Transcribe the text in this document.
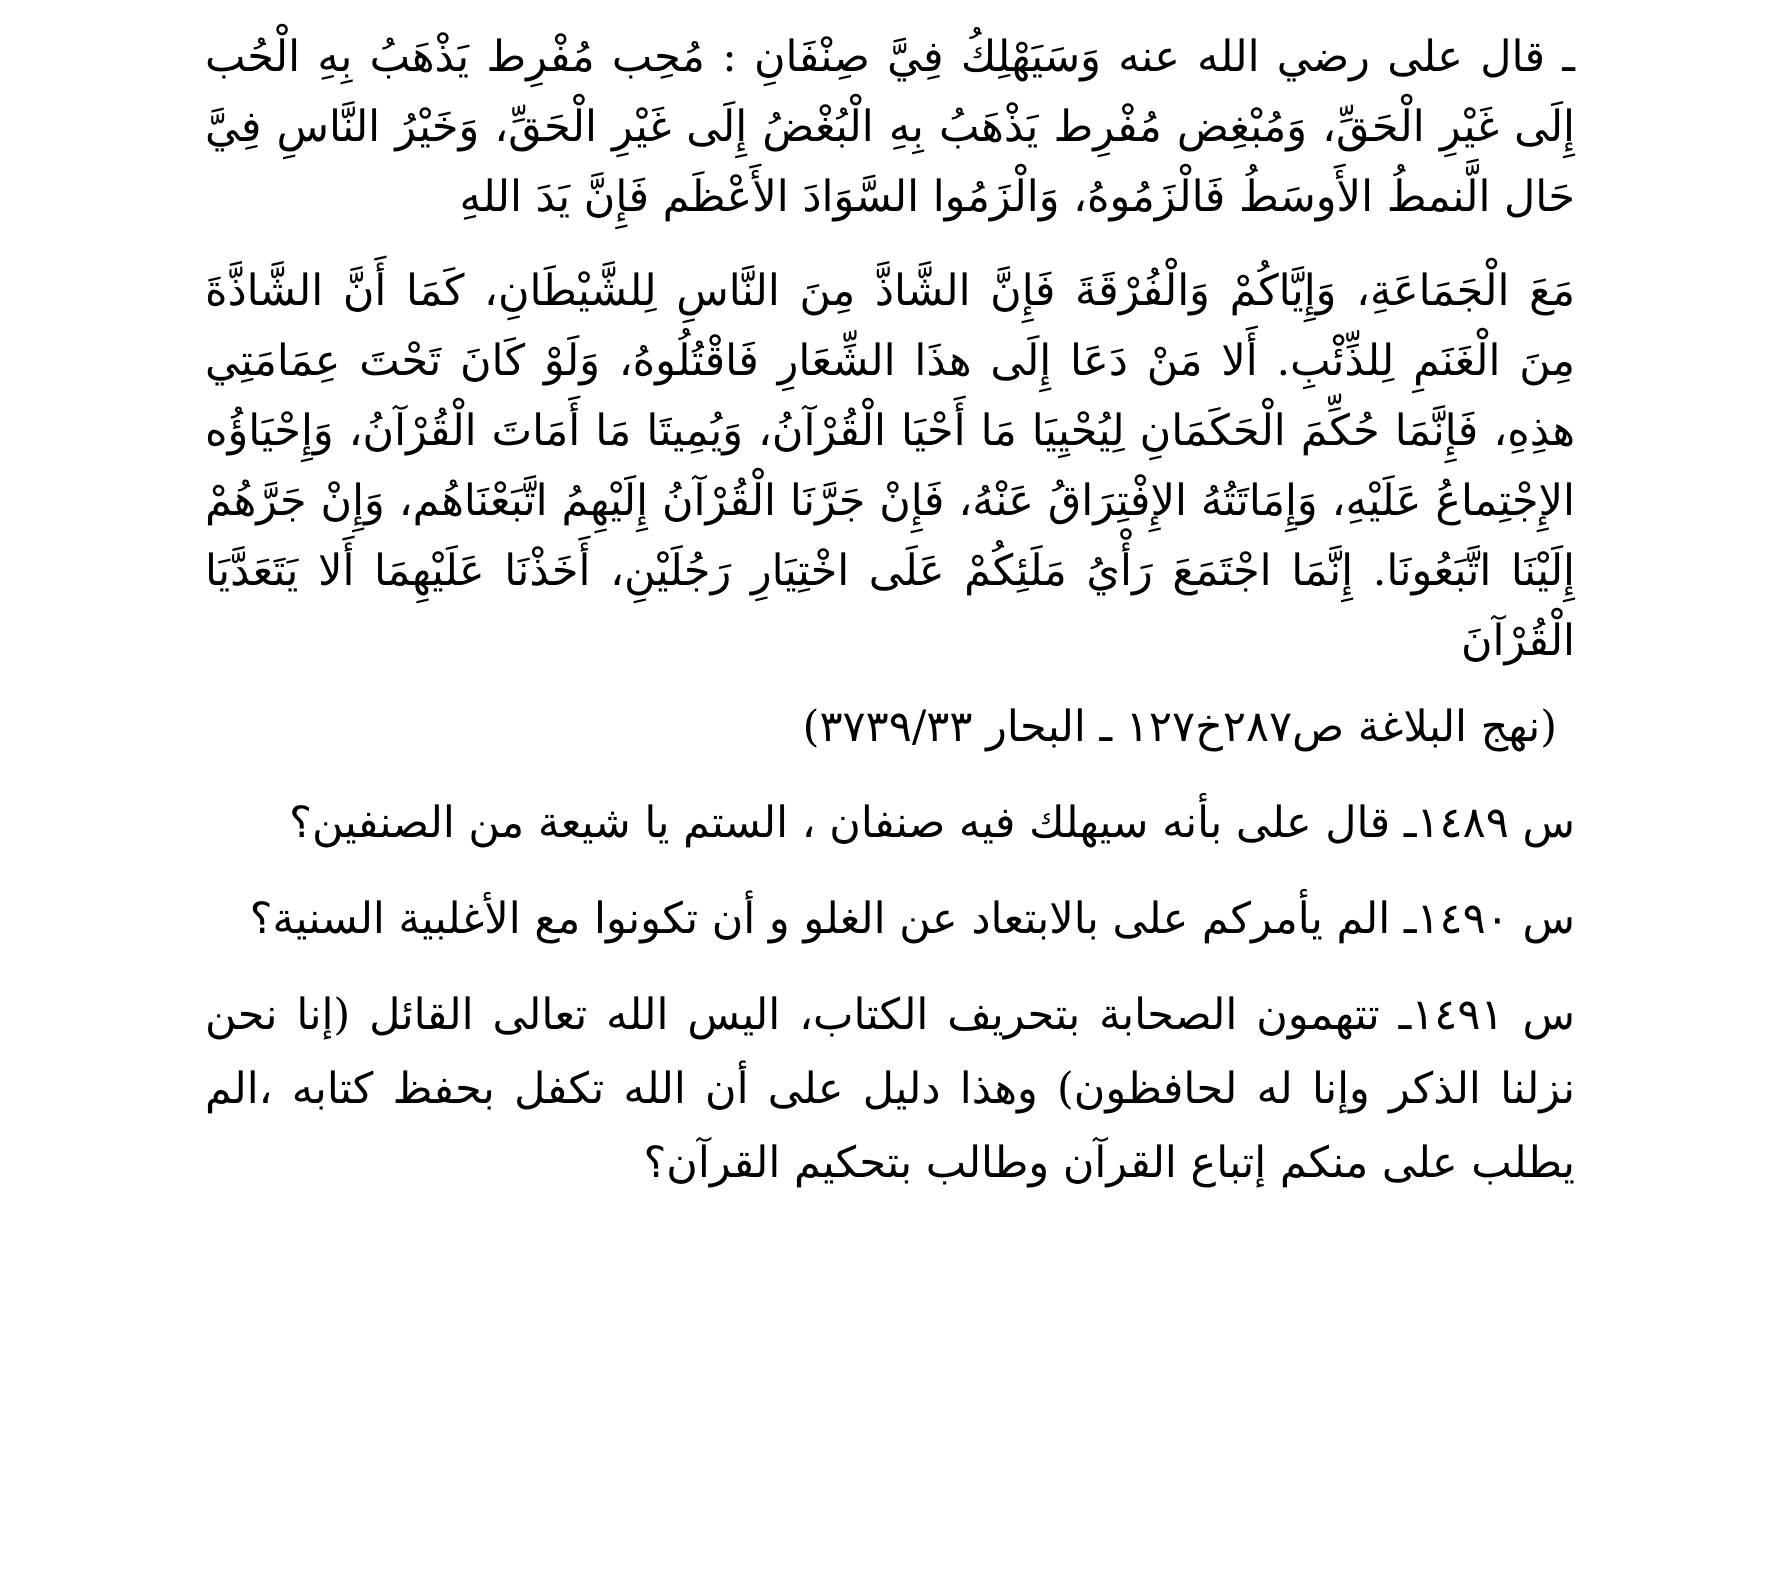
ـ قال على رضي الله عنه وَسَيَهْلِكُ فِيَّ صِنْفَانِ : مُحِب مُفْرِط يَذْهَبُ بِهِ الْحُب إِلَى غَيْرِ الْحَقِّ، وَمُبْغِض مُفْرِط يَذْهَبُ بِهِ الْبُغْضُ إِلَى غَيْرِ الْحَقِّ، وَخَيْرُ النَّاسِ فِيَّ حَال الَّنمطُ الأَوسَطُ فَالْزَمُوهُ، وَالْزَمُوا السَّوَادَ الأَعْظَم فَإِنَّ يَدَ اللهِ

مَعَ الْجَمَاعَةِ، وَإِيَّاكُمْ وَالْفُرْقَةَ فَإِنَّ الشَّاذَّ مِنَ النَّاسِ لِلشَّيْطَانِ، كَمَا أَنَّ الشَّاذَّةَ مِنَ الْغَنَمِ لِلذِّئْبِ. أَلا مَنْ دَعَا إِلَى هذَا الشِّعَارِ فَاقْتُلُوهُ، وَلَوْ كَانَ تَحْتَ عِمَامَتِي هذِهِ، فَإِنَّمَا حُكِّمَ الْحَكَمَانِ لِيُحْيِيَا مَا أَحْيَا الْقُرْآنُ، وَيُمِيتَا مَا أَمَاتَ الْقُرْآنُ، وَإِحْيَاؤُه الإِجْتِماعُ عَلَيْهِ، وَإِمَاتَتُهُ الإِفْتِرَاقُ عَنْهُ، فَإِنْ جَرَّنَا الْقُرْآنُ إِلَيْهِمُ اتَّبَعْنَاهُم، وَإِنْ جَرَّهُمْ إِلَيْنَا اتَّبَعُونَا. إِنَّمَا اجْتَمَعَ رَأْيُ مَلَئِكُمْ عَلَى اخْتِيَارِ رَجُلَيْنِ، أَخَذْنَا عَلَيْهِمَا أَلا يَتَعَدَّيَا الْقُرْآنَ

(نهج البلاغة ص٢٨٧خ١٢٧ ـ البحار ٣٧٣٩/٣٣)

س ١٤٨٩ـ قال على بأنه سيهلك فيه صنفان ، الستم يا شيعة من الصنفين؟

س ١٤٩٠ـ الم يأمركم على بالابتعاد عن الغلو و أن تكونوا مع الأغلبية السنية؟

س ١٤٩١ـ تتهمون الصحابة بتحريف الكتاب، اليس الله تعالى القائل (إنا نحن نزلنا الذكر وإنا له لحافظون) وهذا دليل على أن الله تكفل بحفظ كتابه ،الم يطلب على منكم إتباع القرآن وطالب بتحكيم القرآن؟
